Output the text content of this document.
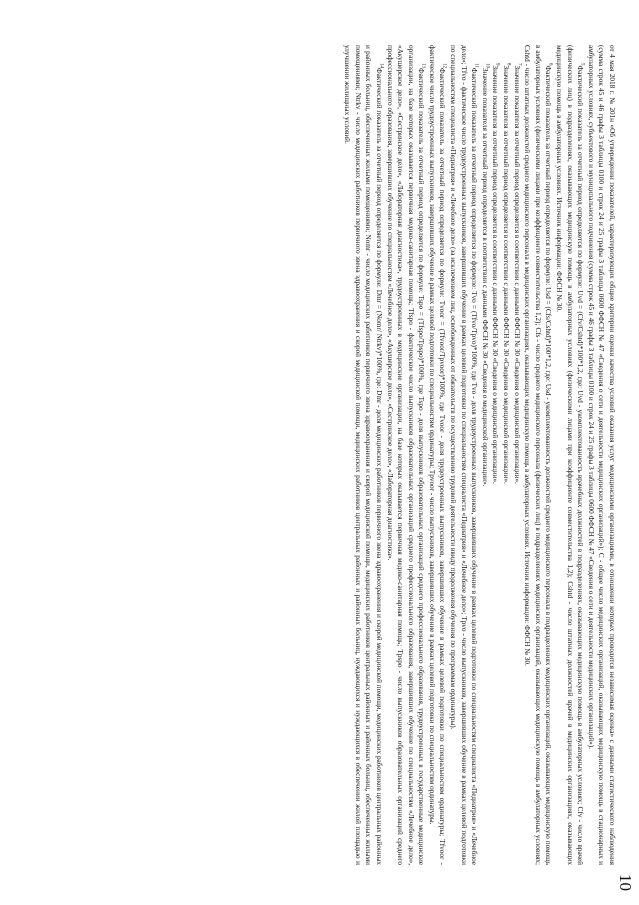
10

от 4 мая 2018 г. № 201н «Об утверждении показателей, характеризующих общие критерии оценки качества условий оказания услуг медицинскими организациями, в отношении которых проводится независимая оценка» с данными статистического наблюдения (сумма строк 45 и 46 графы 3 таблицы 0100 и строк 24 и 25 графы 3 таблицы 0600 ФФСН № 47 «Сведения о сети и деятельности медицинских организаций»); С - общее число медицинских организаций, оказывающих медицинскую помощь в стационарных и амбулаторных условиях, субъектового и муниципального подчинения (сумма строк 45 и 46 графы 3 таблицы 0100 и строк 24 и 25 графы 3 таблицы 0600 ФФСН № 47 «Сведения о сети и деятельности медицинских организаций»).

$^5$Фактический показатель за отчетный период определяется по формуле: Uvd = (Cfv/Cshtd)*100*1,2, где: Uvd - укомплектованность врачебных должностей в подразделениях, оказывающих медицинскую помощь в амбулаторных условиях; Cfv - число врачей (физических лиц) в подразделениях, оказывающих медицинскую помощь в амбулаторных условиях (физическими лицами при коэффициенте совместительства 1,2); Cshtd - число штатных должностей врачей в медицинских организациях, оказывающих медицинскую помощь в амбулаторных условиях. Источник информации: ФФСН № 30.

$^6$Фактический показатель за отчетный период определяется по формуле: Usd = (Cfs/Cshtd)*100*1,2, где: Usd - укомплектованность должностей среднего медицинского персонала в подразделениях медицинских организаций, оказывающих медицинскую помощь в амбулаторных условиях (физическими лицами при коэффициенте совместительства 1,2); Cfs - число среднего медицинского персонала (физических лиц) в подразделениях медицинских организаций, оказывающих медицинскую помощь в амбулаторных условиях; Cshtd - число штатных должностей среднего медицинского персонала в медицинских организациях, оказывающих медицинскую помощь в амбулаторных условиях. Источник информации: ФФСН № 30.

$^7$Значение показателя за отчетный период определяется в соответствии с данными ФФСН № 30 «Сведения о медицинской организации».

$^8$Значение показателя за отчетный период определяется в соответствии с данными ФФСН № 30 «Сведения о медицинской организации».

$^9$Значение показателя за отчетный период определяется в соответствии с данными ФФСН № 30 «Сведения о медицинской организации».

$^{10}$Значение показателя за отчетный период определяется в соответствии с данными ФФСН № 30 «Сведения о медицинской организации».

$^{11}$Фактический показатель за отчетный период определяется по формуле: Tvo = (Tfvo/Tpvo)*100%, где Tvo - доля трудоустроенных выпускников, завершивших обучение в рамках целевой подготовки по специальностям специалиста «Педиатрия» и «Лечебное дело»; Tfvo - фактическое число трудоустроенных выпускников, завершивших обучение в рамках целевой подготовки по специальностям специалиста «Педиатрия» и «Лечебное дело»; Tpvo - число выпускников, завершивших обучение в рамках целевой подготовки по специальностям специалиста «Педиатрия» и «Лечебное дело» (за исключением лиц, освобожденных от обязательств по осуществлению трудовой деятельности ввиду продолжения обучения по программам ординатуры).

$^{12}$Фактический показатель за отчетный период определяется по формуле: Tvoor = (Tfvoor/Tpvoor)*100%, где Tvoor - доля трудоустроенных выпускников, завершивших обучение в рамках целевой подготовки по специальностям ординатуры; Tfvoor - фактическое число трудоустроенных выпускников, завершивших обучение в рамках целевой подготовки по специальностям ординатуры; Tpvoor - число выпускников, завершивших обучение в рамках целевой подготовки по специальностям ординатуры.

$^{13}$Фактический показатель за отчетный период определяется по формуле: Tspo = (Tfspo/Tpspo)*100%, где Tspo - доля выпускников образовательных организаций среднего профессионального образования, трудоустроенных в государственные медицинские организации, на базе которых оказывается первичная медико-санитарная помощь; Tfspo - фактическое число выпускников образовательных организаций среднего профессионального образования, завершивших обучение по специальностям «Лечебное дело», «Акушерское дело», «Сестринское дело», «Лабораторная диагностика», трудоустроенных в медицинские организации, на базе которых оказывается первичная медико-санитарная помощь; Tpspo - число выпускников образовательных организаций среднего профессионального образования, завершивших обучение по специальностям «Лечебное дело», «Акушерское дело», «Сестринское дело», «Лабораторная диагностика».

$^{14}$Фактический показатель за отчетный период определяется по формуле: Dmr = (Nomr/ Ntrkv)*100%, где: Dmr - доля медицинских работников первичного звена здравоохранения и скорой медицинской помощи, медицинских работников центральных районных и районных больниц, обеспеченных жилыми помещениями; Nomr - число медицинских работников первичного звена здравоохранения и скорой медицинской помощи, медицинских работников центральных районных и районных больниц, обеспеченных жилыми помещениями; Ntrkv - число медицинских работников первичного звена здравоохранения и скорой медицинской помощи, медицинских работников центральных районных и районных больниц, нуждающихся и нуждающихся в обеспечении жилой площадью и улучшении жилищных условий.
